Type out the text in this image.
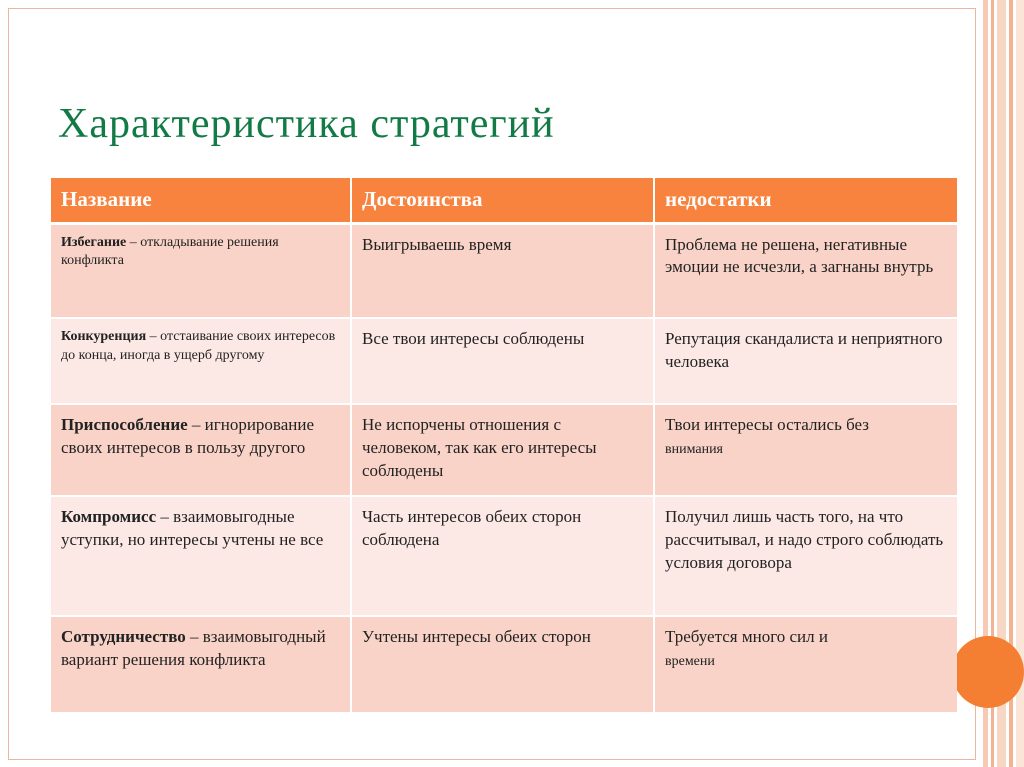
Характеристика стратегий
Название	Достоинства	недостатки
Избегание – откладывание решения конфликта	Выигрываешь время	Проблема не решена, негативные эмоции не исчезли, а загнаны внутрь
Конкуренция – отстаивание своих интересов до конца, иногда в ущерб другому	Все твои интересы соблюдены	Репутация скандалиста и неприятного человека
Приспособление – игнорирование своих интересов в пользу другого	Не испорчены отношения с человеком, так как его интересы соблюдены	Твои интересы остались без
внимания
Компромисс – взаимовыгодные уступки, но интересы учтены не все	Часть интересов обеих сторон соблюдена	Получил лишь часть того, на что рассчитывал, и надо строго соблюдать условия договора
Сотрудничество – взаимовыгодный вариант решения конфликта	Учтены интересы обеих сторон	Требуется много сил и
времени
